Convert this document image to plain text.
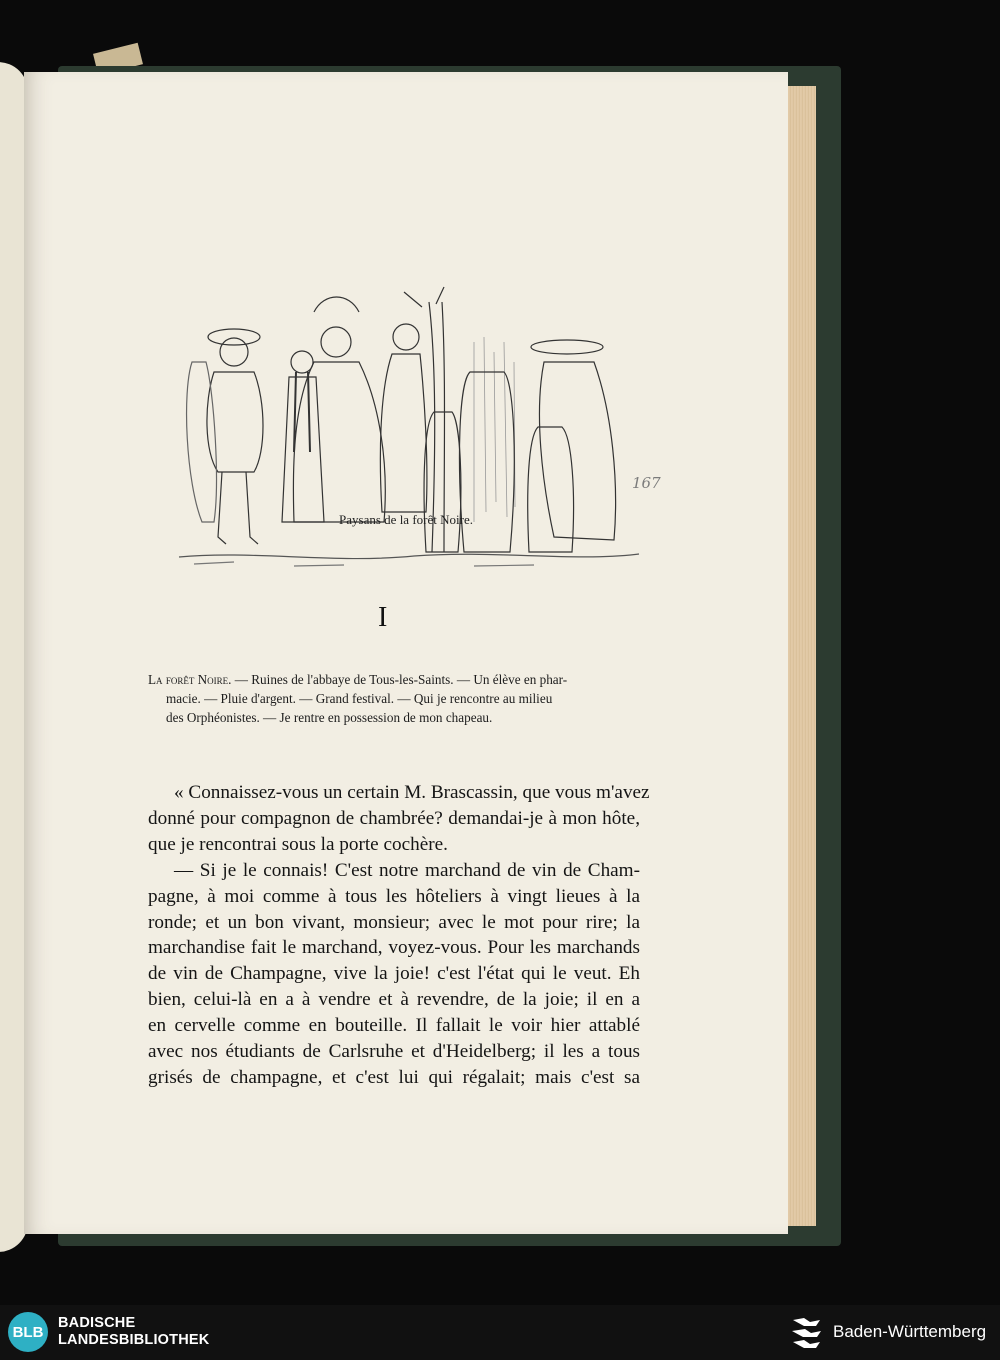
167
Paysans de la forêt Noire.
I
La forêt Noire. — Ruines de l'abbaye de Tous-les-Saints. — Un élève en phar-
macie. — Pluie d'argent. — Grand festival. — Qui je rencontre au milieu
des Orphéonistes. — Je rentre en possession de mon chapeau.
« Connaissez-vous un certain M. Brascassin, que vous m'avez
donné pour compagnon de chambrée? demandai-je à mon hôte,
que je rencontrai sous la porte cochère.
— Si je le connais! C'est notre marchand de vin de Cham-
pagne, à moi comme à tous les hôteliers à vingt lieues à la
ronde; et un bon vivant, monsieur; avec le mot pour rire; la
marchandise fait le marchand, voyez-vous. Pour les marchands
de vin de Champagne, vive la joie! c'est l'état qui le veut. Eh
bien, celui-là en a à vendre et à revendre, de la joie; il en a
en cervelle comme en bouteille. Il fallait le voir hier attablé
avec nos étudiants de Carlsruhe et d'Heidelberg; il les a tous
grisés de champagne, et c'est lui qui régalait; mais c'est sa
BLB
BADISCHE
LANDESBIBLIOTHEK	Baden-Württemberg
